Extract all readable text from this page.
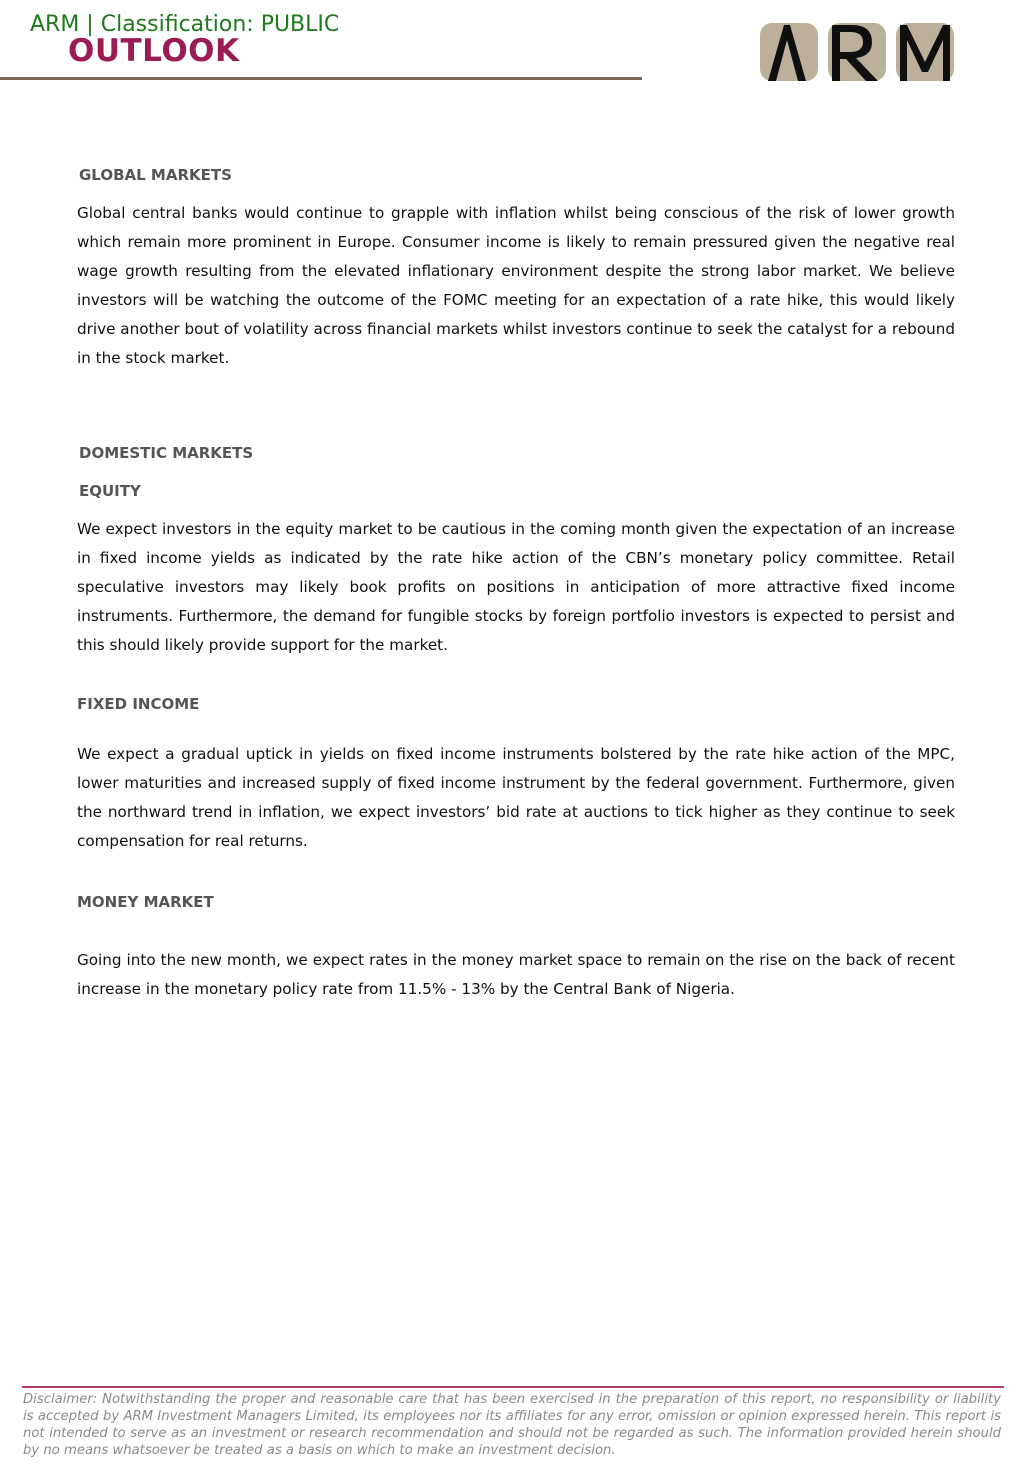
ARM | Classification: PUBLIC
OUTLOOK
GLOBAL MARKETS

Global central banks would continue to grapple with inflation whilst being conscious of the risk of lower growth which remain more prominent in Europe. Consumer income is likely to remain pressured given the negative real wage growth resulting from the elevated inflationary environment despite the strong labor market. We believe investors will be watching the outcome of the FOMC meeting for an expectation of a rate hike, this would likely drive another bout of volatility across financial markets whilst investors continue to seek the catalyst for a rebound in the stock market.

DOMESTIC MARKETS
EQUITY

We expect investors in the equity market to be cautious in the coming month given the expectation of an increase in fixed income yields as indicated by the rate hike action of the CBN’s monetary policy committee. Retail speculative investors may likely book profits on positions in anticipation of more attractive fixed income instruments. Furthermore, the demand for fungible stocks by foreign portfolio investors is expected to persist and this should likely provide support for the market.

FIXED INCOME

We expect a gradual uptick in yields on fixed income instruments bolstered by the rate hike action of the MPC, lower maturities and increased supply of fixed income instrument by the federal government. Furthermore, given the northward trend in inflation, we expect investors’ bid rate at auctions to tick higher as they continue to seek compensation for real returns.

MONEY MARKET

Going into the new month, we expect rates in the money market space to remain on the rise on the back of recent increase in the monetary policy rate from 11.5% - 13% by the Central Bank of Nigeria.

Disclaimer: Notwithstanding the proper and reasonable care that has been exercised in the preparation of this report, no responsibility or liability is accepted by ARM Investment Managers Limited, its employees nor its affiliates for any error, omission or opinion expressed herein. This report is not intended to serve as an investment or research recommendation and should not be regarded as such. The information provided herein should by no means whatsoever be treated as a basis on which to make an investment decision.
